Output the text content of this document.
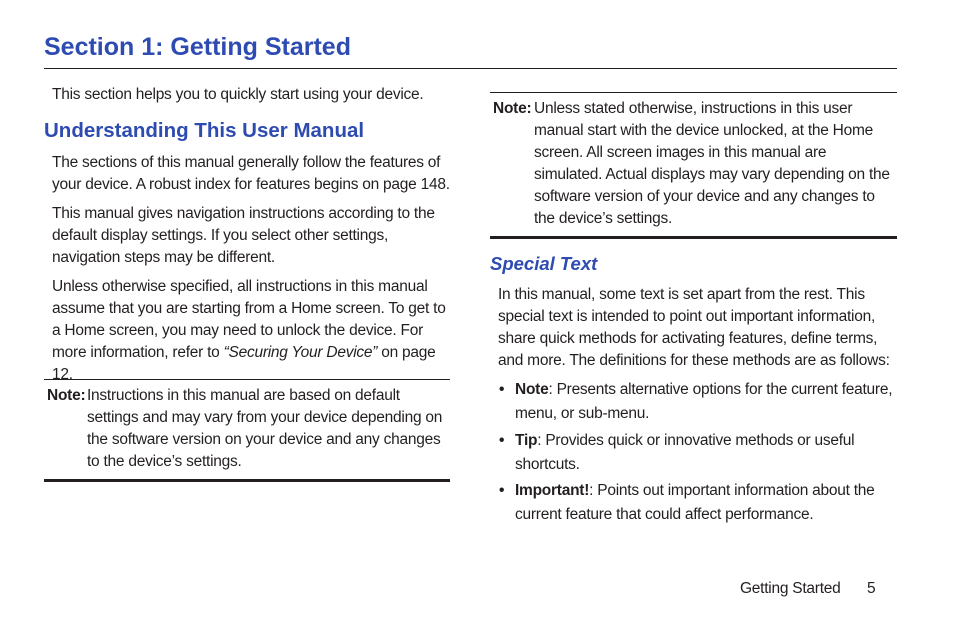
Section 1: Getting Started

This section helps you to quickly start using your device.

Understanding This User Manual

The sections of this manual generally follow the features of your device. A robust index for features begins on page 148.

This manual gives navigation instructions according to the default display settings. If you select other settings, navigation steps may be different.

Unless otherwise specified, all instructions in this manual assume that you are starting from a Home screen. To get to a Home screen, you may need to unlock the device. For more information, refer to “Securing Your Device” on page 12.

Note: Instructions in this manual are based on default settings and may vary from your device depending on the software version on your device and any changes to the device’s settings.

Note: Unless stated otherwise, instructions in this user manual start with the device unlocked, at the Home screen. All screen images in this manual are simulated. Actual displays may vary depending on the software version of your device and any changes to the device’s settings.

Special Text

In this manual, some text is set apart from the rest. This special text is intended to point out important information, share quick methods for activating features, define terms, and more. The definitions for these methods are as follows:

• Note: Presents alternative options for the current feature, menu, or sub-menu.

• Tip: Provides quick or innovative methods or useful shortcuts.

• Important!: Points out important information about the current feature that could affect performance.

Getting Started 5
